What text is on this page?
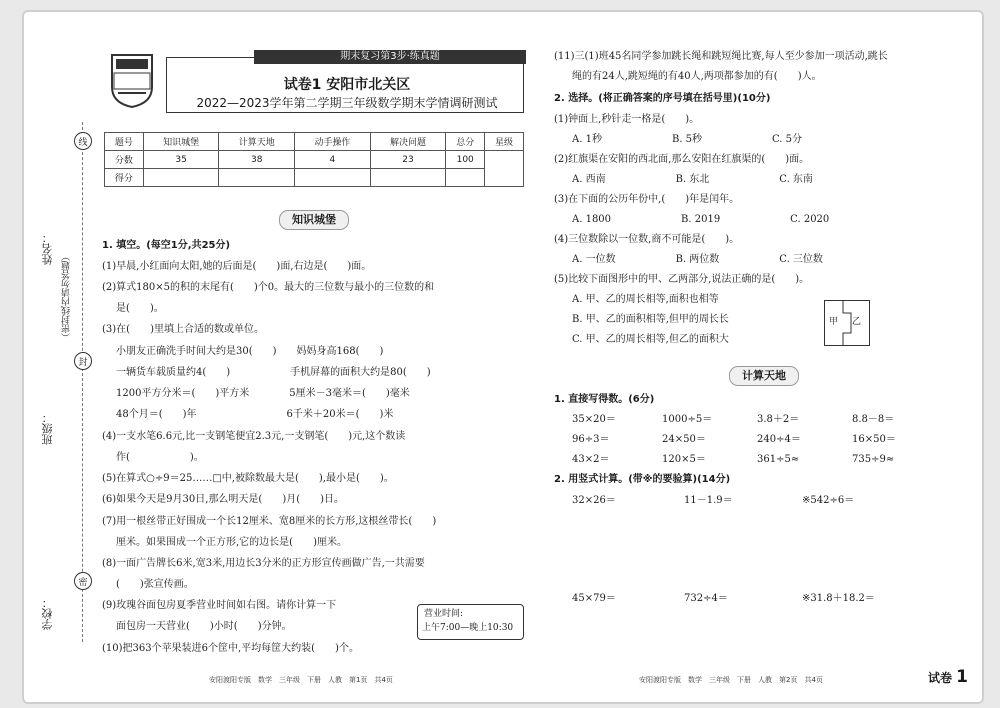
姓名：
（密封线内请勿答题）
班级：
学校：
线
封
密
期末复习第3步·练真题
试卷1 安阳市北关区
2022—2023学年第二学期三年级数学期末学情调研测试
题号	知识城堡	计算天地	动手操作	解决问题	总分	星级
分数	35	38	4	23	100	
得分						
知识城堡
1. 填空。(每空1分,共25分)
(1)早晨,小红面向太阳,她的后面是(　　)面,右边是(　　)面。
(2)算式180×5的积的末尾有(　　)个0。最大的三位数与最小的三位数的和
是(　　)。
(3)在(　　)里填上合适的数或单位。
小朋友正确洗手时间大约是30(　　)　　妈妈身高168(　　)
一辆货车载质量约4(　　)　　　　　　手机屏幕的面积大约是80(　　)
1200平方分米＝(　　)平方米　　　　5厘米－3毫米＝(　　)毫米
48个月＝(　　)年　　　　　　　　　6千米＋20米＝(　　)米
(4)一支水笔6.6元,比一支钢笔便宜2.3元,一支钢笔(　　)元,这个数读
作(　　　　　　)。
(5)在算式○÷9＝25……□中,被除数最大是(　　),最小是(　　)。
(6)如果今天是9月30日,那么明天是(　　)月(　　)日。
(7)用一根丝带正好围成一个长12厘米、宽8厘米的长方形,这根丝带长(　　)
厘米。如果围成一个正方形,它的边长是(　　)厘米。
(8)一面广告牌长6米,宽3米,用边长3分米的正方形宣传画做广告,一共需要
(　　)张宣传画。
(9)玫瑰谷面包房夏季营业时间如右图。请你计算一下
面包房一天营业(　　)小时(　　)分钟。
(10)把363个苹果装进6个筐中,平均每筐大约装(　　)个。
营业时间:
上午7:00—晚上10:30
安阳渡阳专版　数学　三年级　下册　人教　第1页　共4页
(11)三(1)班45名同学参加跳长绳和跳短绳比赛,每人至少参加一项活动,跳长
绳的有24人,跳短绳的有40人,两项都参加的有(　　)人。
2. 选择。(将正确答案的序号填在括号里)(10分)
(1)钟面上,秒针走一格是(　　)。
A. 1秒　　　　　　　B. 5秒　　　　　　　C. 5分
(2)红旗渠在安阳的西北面,那么安阳在红旗渠的(　　)面。
A. 西南　　　　　　　B. 东北　　　　　　　C. 东南
(3)在下面的公历年份中,(　　)年是闰年。
A. 1800　　　　　　　B. 2019　　　　　　　C. 2020
(4)三位数除以一位数,商不可能是(　　)。
A. 一位数　　　　　　B. 两位数　　　　　　C. 三位数
(5)比较下面图形中的甲、乙两部分,说法正确的是(　　)。
A. 甲、乙的周长相等,面积也相等
B. 甲、乙的面积相等,但甲的周长长
C. 甲、乙的周长相等,但乙的面积大
甲 乙
计算天地
1. 直接写得数。(6分)
35×20＝	1000÷5＝	3.8＋2＝	8.8－8＝
96÷3＝	24×50＝	240÷4＝	16×50＝
43×2＝	120×5＝	361÷5≈	735÷9≈
2. 用竖式计算。(带※的要验算)(14分)
32×26＝	11－1.9＝	※542÷6＝
45×79＝	732÷4＝	※31.8＋18.2＝
安阳渡阳专版　数学　三年级　下册　人教　第2页　共4页	试卷 1
